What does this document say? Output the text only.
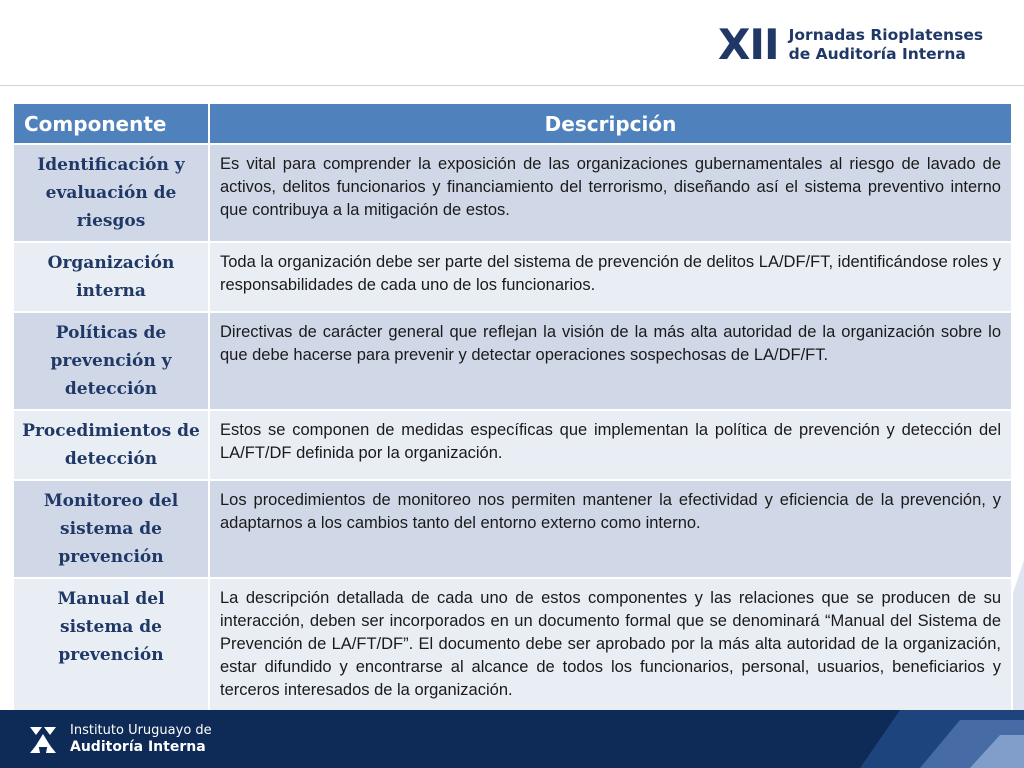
XII Jornadas Rioplatenses
de Auditoría Interna
Componente	Descripción
Identificación y evaluación de riesgos	Es vital para comprender la exposición de las organizaciones gubernamentales al riesgo de lavado de activos, delitos funcionarios y financiamiento del terrorismo, diseñando así el sistema preventivo interno que contribuya a la mitigación de estos.
Organización interna	Toda la organización debe ser parte del sistema de prevención de delitos LA/DF/FT, identificándose roles y responsabilidades de cada uno de los funcionarios.
Políticas de prevención y detección	Directivas de carácter general que reflejan la visión de la más alta autoridad de la organización sobre lo que debe hacerse para prevenir y detectar operaciones sospechosas de LA/DF/FT.
Procedimientos de detección	Estos se componen de medidas específicas que implementan la política de prevención y detección del LA/FT/DF definida por la organización.
Monitoreo del sistema de prevención	Los procedimientos de monitoreo nos permiten mantener la efectividad y eficiencia de la prevención, y adaptarnos a los cambios tanto del entorno externo como interno.
Manual del sistema de prevención	La descripción detallada de cada uno de estos componentes y las relaciones que se producen de su interacción, deben ser incorporados en un documento formal que se denominará “Manual del Sistema de Prevención de LA/FT/DF”. El documento debe ser aprobado por la más alta autoridad de la organización, estar difundido y encontrarse al alcance de todos los funcionarios, personal, usuarios, beneficiarios y terceros interesados de la organización.
Instituto Uruguayo de
Auditoría Interna
